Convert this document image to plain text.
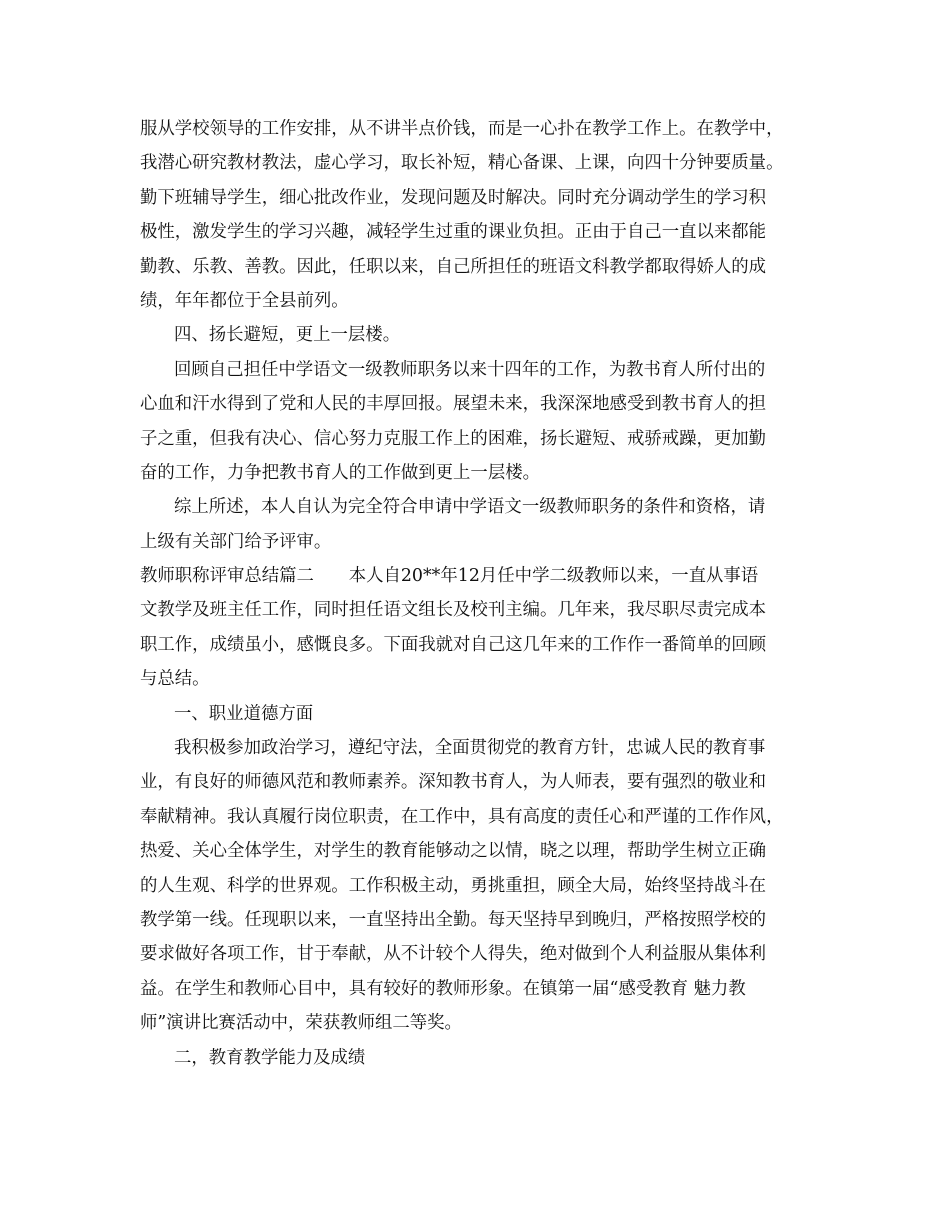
服从学校领导的工作安排，从不讲半点价钱，而是一心扑在教学工作上。在教学中，
我潜心研究教材教法，虚心学习，取长补短，精心备课、上课，向四十分钟要质量。
勤下班辅导学生，细心批改作业，发现问题及时解决。同时充分调动学生的学习积
极性，激发学生的学习兴趣，减轻学生过重的课业负担。正由于自己一直以来都能
勤教、乐教、善教。因此，任职以来，自己所担任的班语文科教学都取得娇人的成
绩，年年都位于全县前列。
四、扬长避短，更上一层楼。
回顾自己担任中学语文一级教师职务以来十四年的工作，为教书育人所付出的
心血和汗水得到了党和人民的丰厚回报。展望未来，我深深地感受到教书育人的担
子之重，但我有决心、信心努力克服工作上的困难，扬长避短、戒骄戒躁，更加勤
奋的工作，力争把教书育人的工作做到更上一层楼。
综上所述，本人自认为完全符合申请中学语文一级教师职务的条件和资格，请
上级有关部门给予评审。
教师职称评审总结篇二　　本人自20**年12月任中学二级教师以来，一直从事语
文教学及班主任工作，同时担任语文组长及校刊主编。几年来，我尽职尽责完成本
职工作，成绩虽小，感慨良多。下面我就对自己这几年来的工作作一番简单的回顾
与总结。
一、职业道德方面
我积极参加政治学习，遵纪守法，全面贯彻党的教育方针，忠诚人民的教育事
业，有良好的师德风范和教师素养。深知教书育人，为人师表，要有强烈的敬业和
奉献精神。我认真履行岗位职责，在工作中，具有高度的责任心和严谨的工作作风，
热爱、关心全体学生，对学生的教育能够动之以情，晓之以理，帮助学生树立正确
的人生观、科学的世界观。工作积极主动，勇挑重担，顾全大局，始终坚持战斗在
教学第一线。任现职以来，一直坚持出全勤。每天坚持早到晚归，严格按照学校的
要求做好各项工作，甘于奉献，从不计较个人得失，绝对做到个人利益服从集体利
益。在学生和教师心目中，具有较好的教师形象。在镇第一届“感受教育 魅力教
师”演讲比赛活动中，荣获教师组二等奖。
二，教育教学能力及成绩
